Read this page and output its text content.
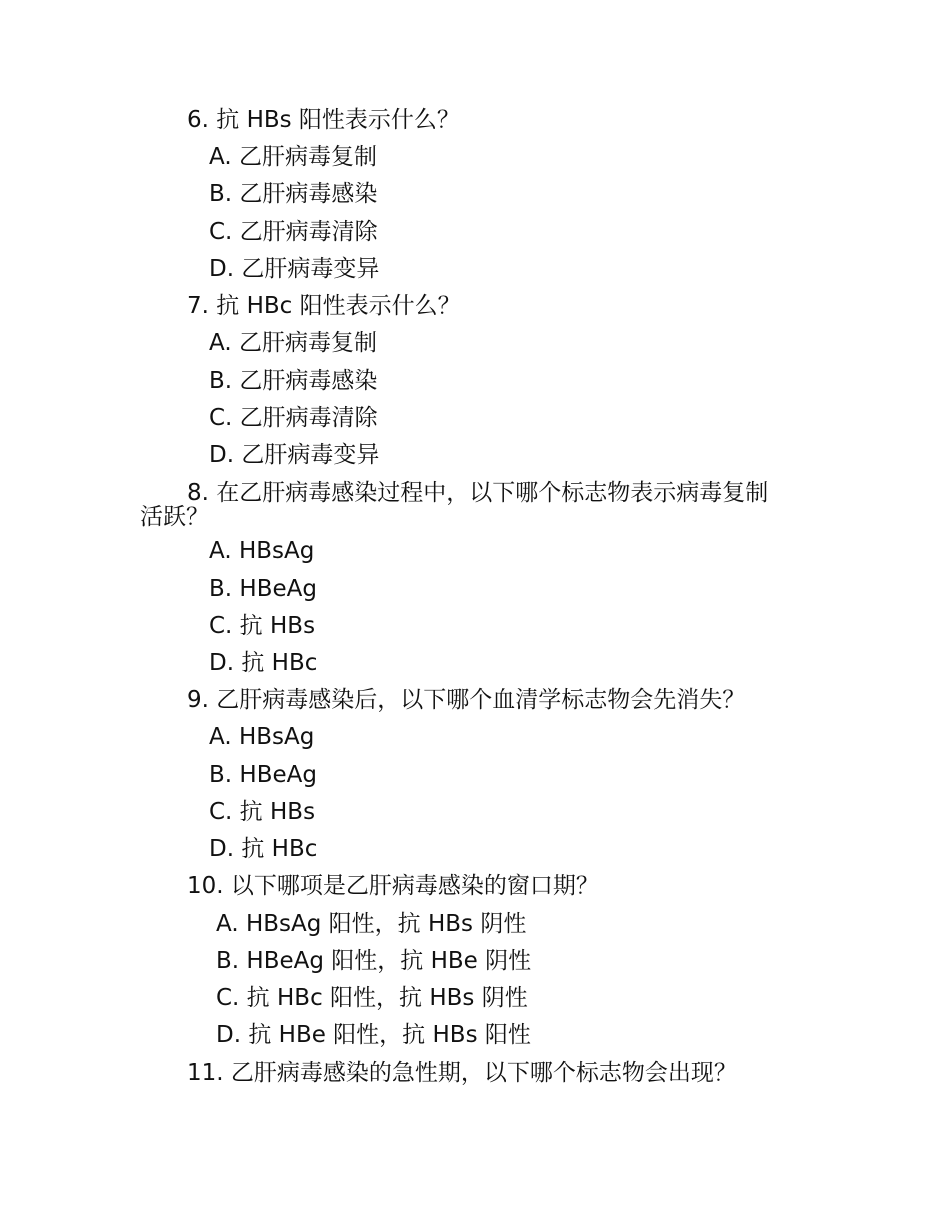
6. 抗 HBs 阳性表示什么？
A. 乙肝病毒复制
B. 乙肝病毒感染
C. 乙肝病毒清除
D. 乙肝病毒变异
7. 抗 HBc 阳性表示什么？
A. 乙肝病毒复制
B. 乙肝病毒感染
C. 乙肝病毒清除
D. 乙肝病毒变异
8. 在乙肝病毒感染过程中，以下哪个标志物表示病毒复制
活跃？
A. HBsAg
B. HBeAg
C. 抗 HBs
D. 抗 HBc
9. 乙肝病毒感染后，以下哪个血清学标志物会先消失？
A. HBsAg
B. HBeAg
C. 抗 HBs
D. 抗 HBc
10. 以下哪项是乙肝病毒感染的窗口期？
A. HBsAg 阳性，抗 HBs 阴性
B. HBeAg 阳性，抗 HBe 阴性
C. 抗 HBc 阳性，抗 HBs 阴性
D. 抗 HBe 阳性，抗 HBs 阳性
11. 乙肝病毒感染的急性期，以下哪个标志物会出现？
